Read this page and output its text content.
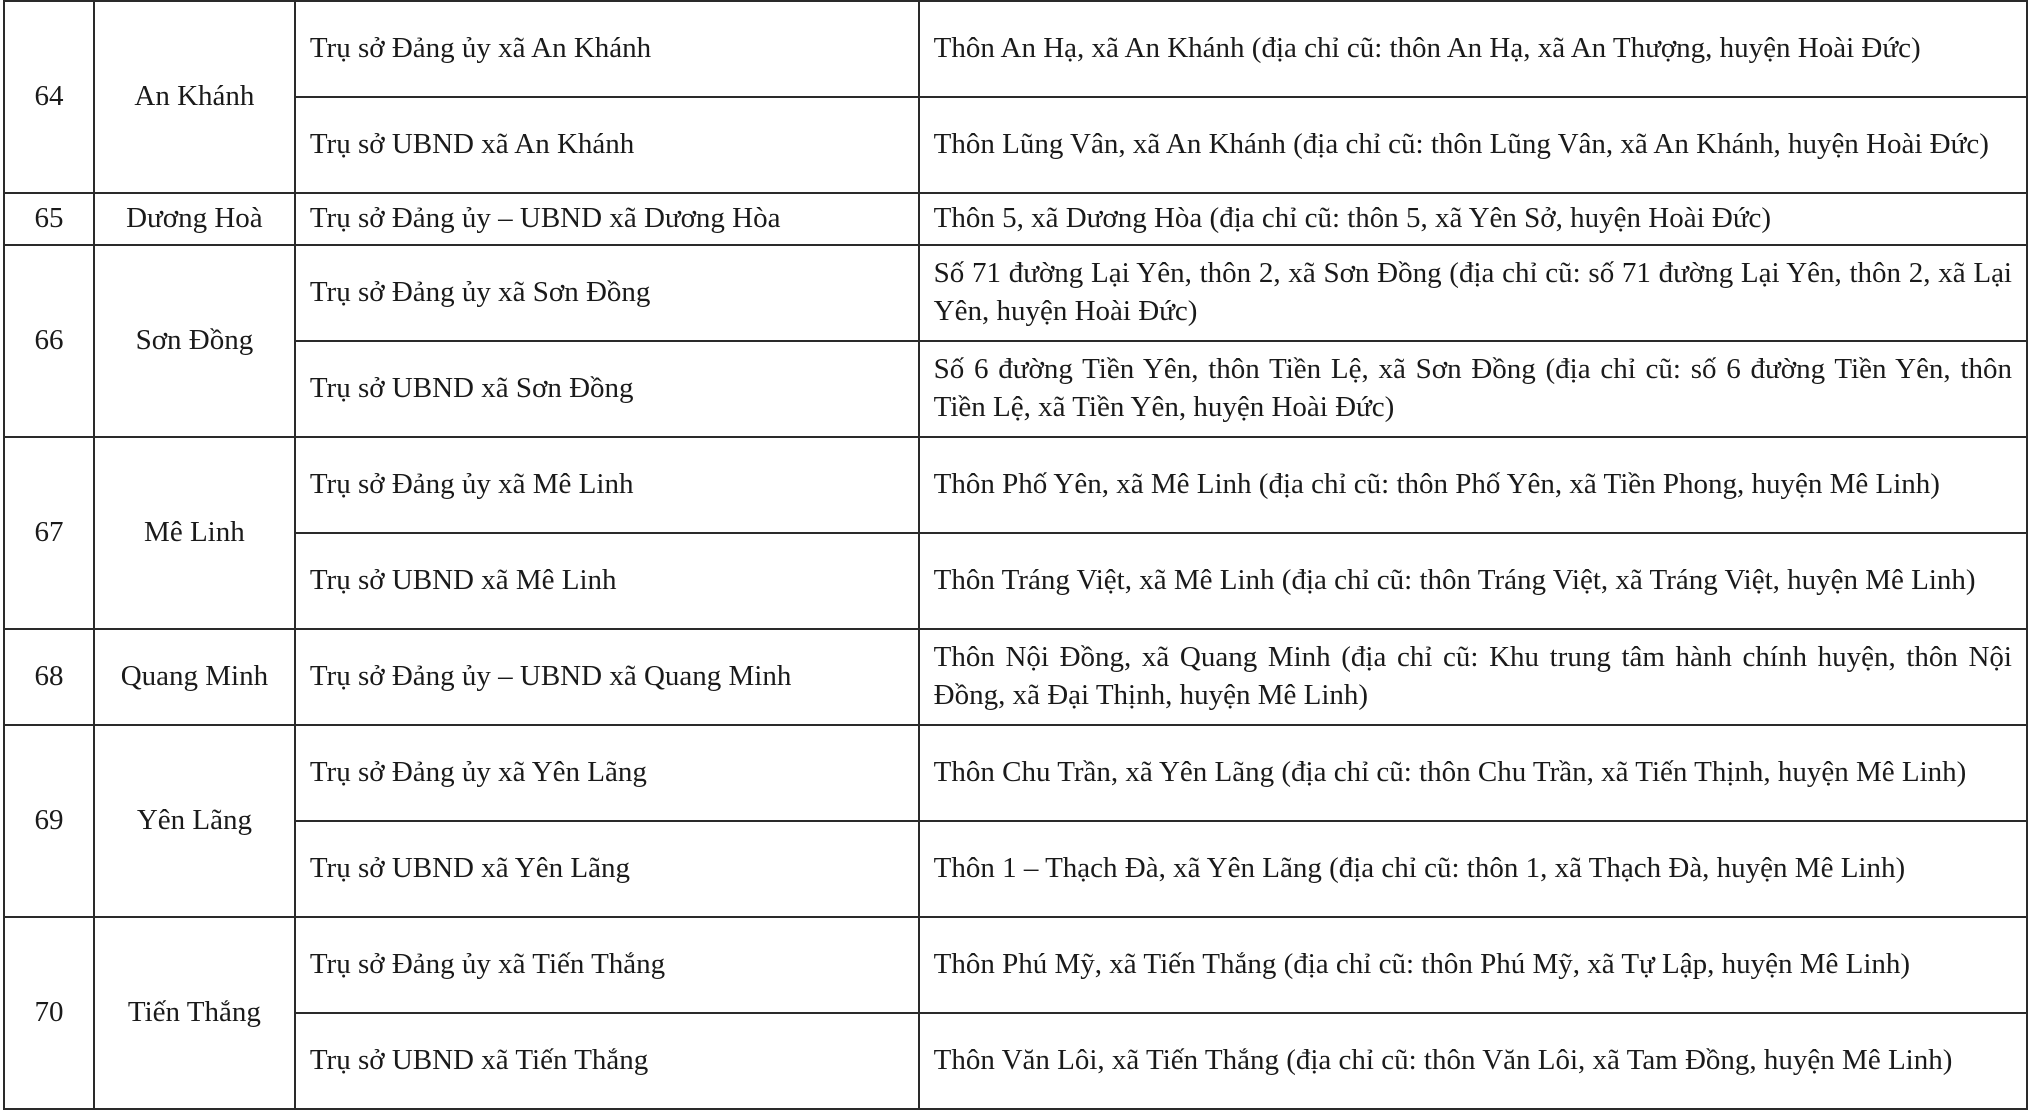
64	An Khánh	Trụ sở Đảng ủy xã An Khánh	Thôn An Hạ, xã An Khánh (địa chỉ cũ: thôn An Hạ, xã An Thượng, huyện Hoài Đức)
		Trụ sở UBND xã An Khánh	Thôn Lũng Vân, xã An Khánh (địa chỉ cũ: thôn Lũng Vân, xã An Khánh, huyện Hoài Đức)
65	Dương Hoà	Trụ sở Đảng ủy – UBND xã Dương Hòa	Thôn 5, xã Dương Hòa (địa chỉ cũ: thôn 5, xã Yên Sở, huyện Hoài Đức)
66	Sơn Đồng	Trụ sở Đảng ủy xã Sơn Đồng	Số 71 đường Lại Yên, thôn 2, xã Sơn Đồng (địa chỉ cũ: số 71 đường Lại Yên, thôn 2, xã Lại Yên, huyện Hoài Đức)
		Trụ sở UBND xã Sơn Đồng	Số 6 đường Tiền Yên, thôn Tiền Lệ, xã Sơn Đồng (địa chỉ cũ: số 6 đường Tiền Yên, thôn Tiền Lệ, xã Tiền Yên, huyện Hoài Đức)
67	Mê Linh	Trụ sở Đảng ủy xã Mê Linh	Thôn Phố Yên, xã Mê Linh (địa chỉ cũ: thôn Phố Yên, xã Tiền Phong, huyện Mê Linh)
		Trụ sở UBND xã Mê Linh	Thôn Tráng Việt, xã Mê Linh (địa chỉ cũ: thôn Tráng Việt, xã Tráng Việt, huyện Mê Linh)
68	Quang Minh	Trụ sở Đảng ủy – UBND xã Quang Minh	Thôn Nội Đồng, xã Quang Minh (địa chỉ cũ: Khu trung tâm hành chính huyện, thôn Nội Đồng, xã Đại Thịnh, huyện Mê Linh)
69	Yên Lãng	Trụ sở Đảng ủy xã Yên Lãng	Thôn Chu Trần, xã Yên Lãng (địa chỉ cũ: thôn Chu Trần, xã Tiến Thịnh, huyện Mê Linh)
		Trụ sở UBND xã Yên Lãng	Thôn 1 – Thạch Đà, xã Yên Lãng (địa chỉ cũ: thôn 1, xã Thạch Đà, huyện Mê Linh)
70	Tiến Thắng	Trụ sở Đảng ủy xã Tiến Thắng	Thôn Phú Mỹ, xã Tiến Thắng (địa chỉ cũ: thôn Phú Mỹ, xã Tự Lập, huyện Mê Linh)
		Trụ sở UBND xã Tiến Thắng	Thôn Văn Lôi, xã Tiến Thắng (địa chỉ cũ: thôn Văn Lôi, xã Tam Đồng, huyện Mê Linh)
